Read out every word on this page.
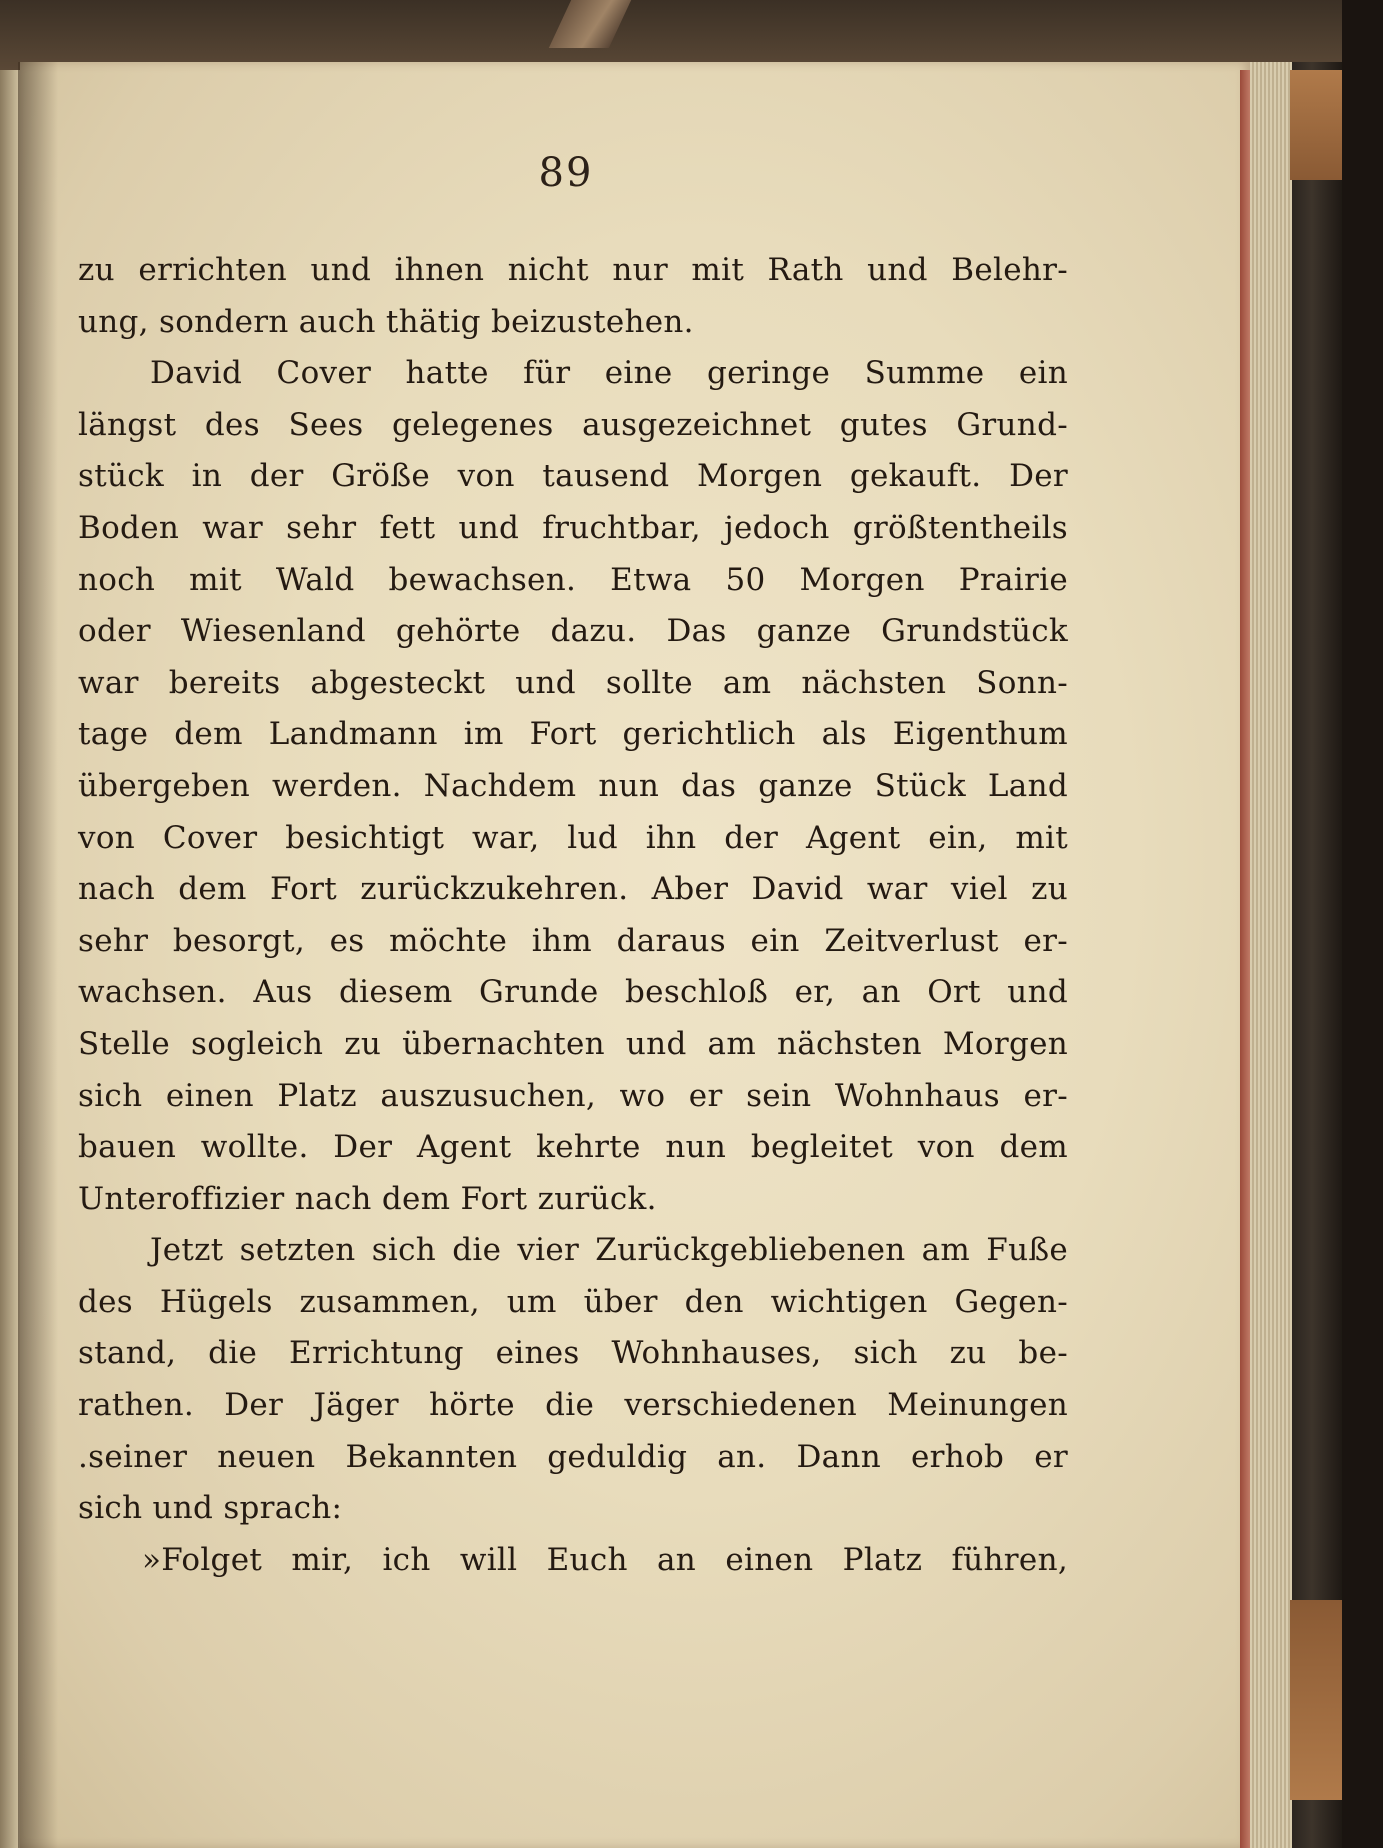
89
zu errichten und ihnen nicht nur mit Rath und Belehr-
ung, sondern auch thätig beizustehen.
David Cover hatte für eine geringe Summe ein
längst des Sees gelegenes ausgezeichnet gutes Grund-
stück in der Größe von tausend Morgen gekauft. Der
Boden war sehr fett und fruchtbar, jedoch größtentheils
noch mit Wald bewachsen. Etwa 50 Morgen Prairie
oder Wiesenland gehörte dazu. Das ganze Grundstück
war bereits abgesteckt und sollte am nächsten Sonn-
tage dem Landmann im Fort gerichtlich als Eigenthum
übergeben werden. Nachdem nun das ganze Stück Land
von Cover besichtigt war, lud ihn der Agent ein, mit
nach dem Fort zurückzukehren. Aber David war viel zu
sehr besorgt, es möchte ihm daraus ein Zeitverlust er-
wachsen. Aus diesem Grunde beschloß er, an Ort und
Stelle sogleich zu übernachten und am nächsten Morgen
sich einen Platz auszusuchen, wo er sein Wohnhaus er-
bauen wollte. Der Agent kehrte nun begleitet von dem
Unteroffizier nach dem Fort zurück.
Jetzt setzten sich die vier Zurückgebliebenen am Fuße
des Hügels zusammen, um über den wichtigen Gegen-
stand, die Errichtung eines Wohnhauses, sich zu be-
rathen. Der Jäger hörte die verschiedenen Meinungen
.seiner neuen Bekannten geduldig an. Dann erhob er
sich und sprach:
»Folget mir, ich will Euch an einen Platz führen,
